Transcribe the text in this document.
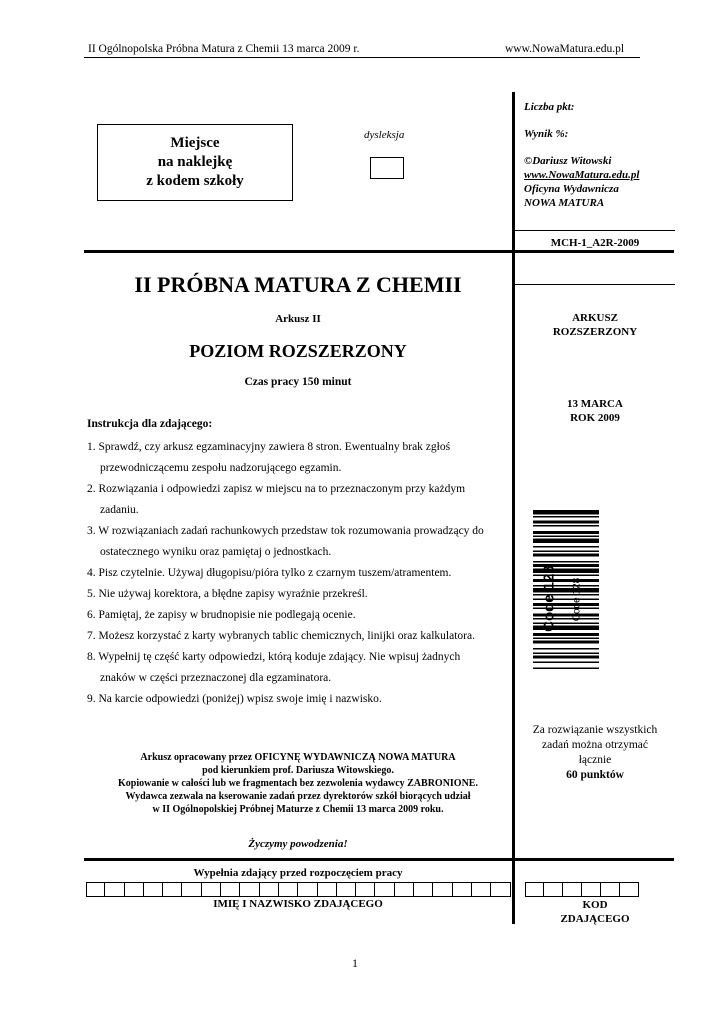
II Ogólnopolska Próbna Matura z Chemii 13 marca 2009 r.	www.NowaMatura.edu.pl
Miejsce
na naklejkę
z kodem szkoły
dysleksja
Liczba pkt:
Wynik %:
©Dariusz Witowski
www.NowaMatura.edu.pl
Oficyna Wydawnicza
NOWA MATURA
MCH-1_A2R-2009
ARKUSZ
ROZSZERZONY
13 MARCA
ROK 2009
Code 128 Code 128
Za rozwiązanie wszystkich
zadań można otrzymać
łącznie
60 punktów
II PRÓBNA MATURA Z CHEMII
Arkusz II
POZIOM ROZSZERZONY
Czas pracy 150 minut
Instrukcja dla zdającego:
1. Sprawdź, czy arkusz egzaminacyjny zawiera 8 stron. Ewentualny brak zgłoś
przewodniczącemu zespołu nadzorującego egzamin.
2. Rozwiązania i odpowiedzi zapisz w miejscu na to przeznaczonym przy każdym
zadaniu.
3. W rozwiązaniach zadań rachunkowych przedstaw tok rozumowania prowadzący do
ostatecznego wyniku oraz pamiętaj o jednostkach.
4. Pisz czytelnie. Używaj długopisu/pióra tylko z czarnym tuszem/atramentem.
5. Nie używaj korektora, a błędne zapisy wyraźnie przekreśl.
6. Pamiętaj, że zapisy w brudnopisie nie podlegają ocenie.
7. Możesz korzystać z karty wybranych tablic chemicznych, linijki oraz kalkulatora.
8. Wypełnij tę część karty odpowiedzi, którą koduje zdający. Nie wpisuj żadnych
znaków w części przeznaczonej dla egzaminatora.
9. Na karcie odpowiedzi (poniżej) wpisz swoje imię i nazwisko.
Arkusz opracowany przez OFICYNĘ WYDAWNICZĄ NOWA MATURA
pod kierunkiem prof. Dariusza Witowskiego.
Kopiowanie w całości lub we fragmentach bez zezwolenia wydawcy ZABRONIONE.
Wydawca zezwala na kserowanie zadań przez dyrektorów szkół biorących udział
w II Ogólnopolskiej Próbnej Maturze z Chemii 13 marca 2009 roku.
Życzymy powodzenia!
Wypełnia zdający przed rozpoczęciem pracy
IMIĘ I NAZWISKO ZDAJĄCEGO	KOD
ZDAJĄCEGO
1
